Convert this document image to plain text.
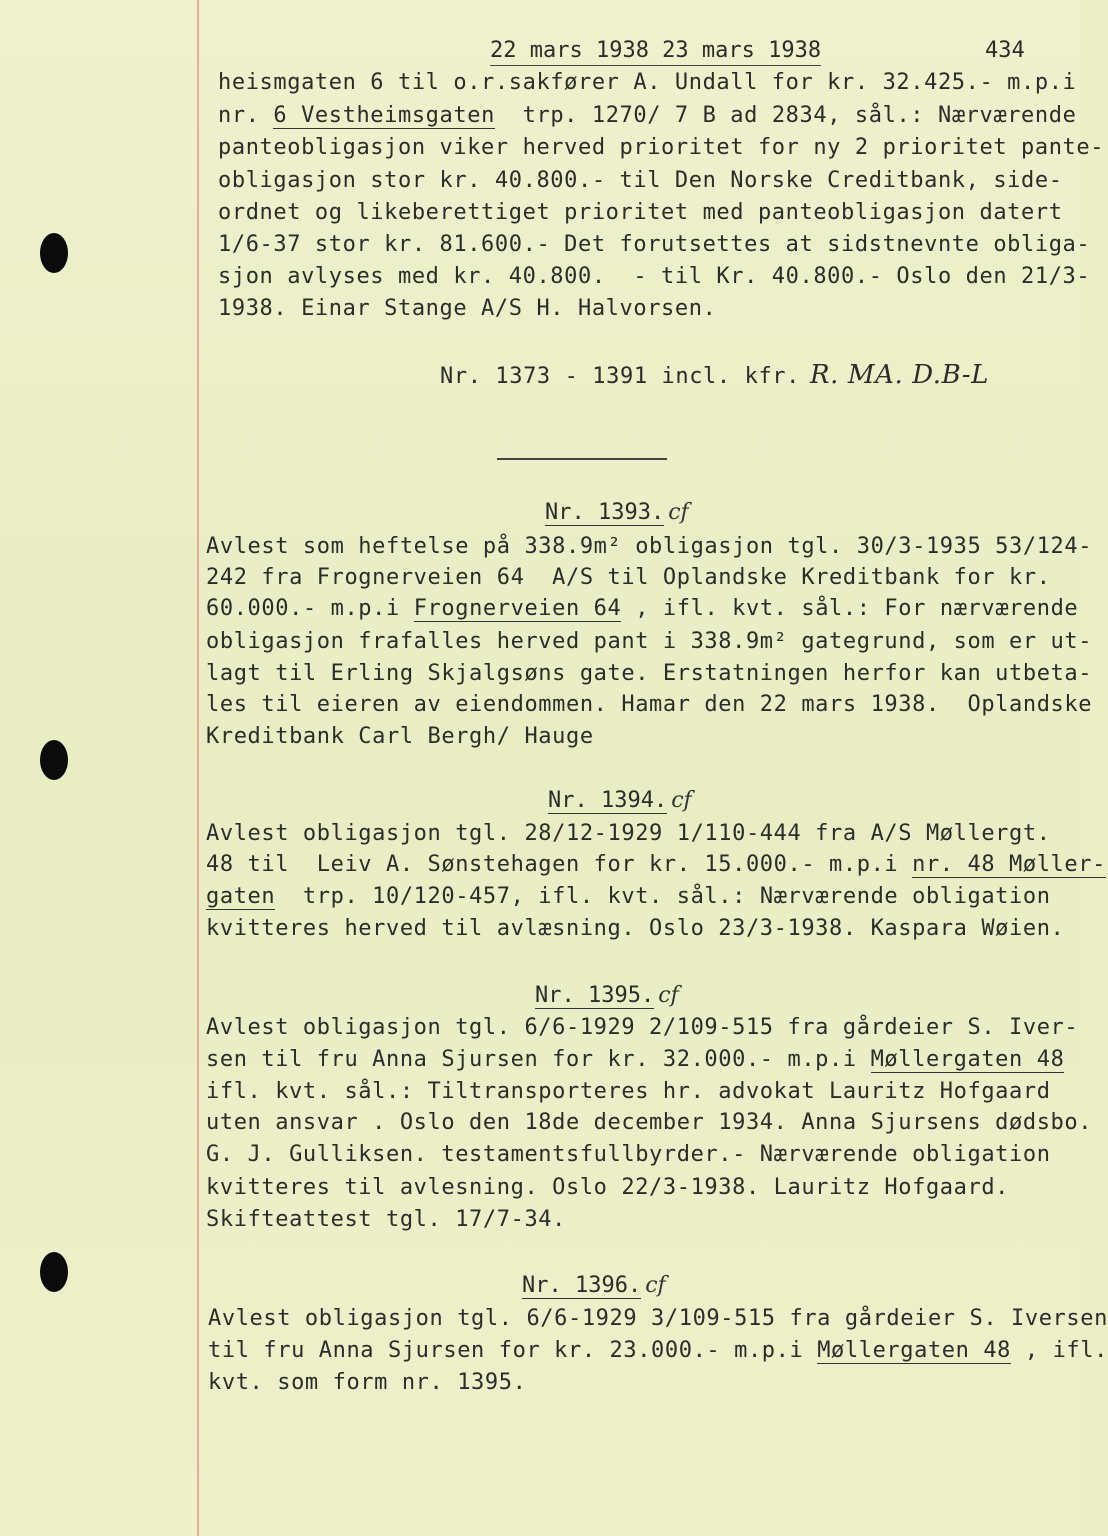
22 mars 1938 23 mars 1938	434
heismgaten 6 til o.r.sakfører A. Undall for kr. 32.425.- m.p.i
nr. 6 Vestheimsgaten trp. 1270/ 7 B ad 2834, sål.: Nærværende
panteobligasjon viker herved prioritet for ny 2 prioritet pante-
obligasjon stor kr. 40.800.- til Den Norske Creditbank, side-
ordnet og likeberettiget prioritet med panteobligasjon datert
1/6-37 stor kr. 81.600.- Det forutsettes at sidstnevnte obliga-
sjon avlyses med kr. 40.800.  - til Kr. 40.800.- Oslo den 21/3-
1938. Einar Stange A/S H. Halvorsen.
Nr. 1373 - 1391 incl. kfr. R. MA. D.B-L
Nr. 1393. cf
Avlest som heftelse på 338.9m² obligasjon tgl. 30/3-1935 53/124-
242 fra Frognerveien 64  A/S til Oplandske Kreditbank for kr.
60.000.- m.p.i Frognerveien 64 , ifl. kvt. sål.: For nærværende
obligasjon frafalles herved pant i 338.9m² gategrund, som er ut-
lagt til Erling Skjalgsøns gate. Erstatningen herfor kan utbeta-
les til eieren av eiendommen. Hamar den 22 mars 1938.  Oplandske
Kreditbank Carl Bergh/ Hauge
Nr. 1394. cf
Avlest obligasjon tgl. 28/12-1929 1/110-444 fra A/S Møllergt.
48 til  Leiv A. Sønstehagen for kr. 15.000.- m.p.i nr. 48 Møller-
gaten  trp. 10/120-457, ifl. kvt. sål.: Nærværende obligation
kvitteres herved til avlæsning. Oslo 23/3-1938. Kaspara Wøien.
Nr. 1395. cf
Avlest obligasjon tgl. 6/6-1929 2/109-515 fra gårdeier S. Iver-
sen til fru Anna Sjursen for kr. 32.000.- m.p.i Møllergaten 48
ifl. kvt. sål.: Tiltransporteres hr. advokat Lauritz Hofgaard
uten ansvar . Oslo den 18de december 1934. Anna Sjursens dødsbo.
G. J. Gulliksen. testamentsfullbyrder.- Nærværende obligation
kvitteres til avlesning. Oslo 22/3-1938. Lauritz Hofgaard.
Skifteattest tgl. 17/7-34.
Nr. 1396. cf
Avlest obligasjon tgl. 6/6-1929 3/109-515 fra gårdeier S. Iversen
til fru Anna Sjursen for kr. 23.000.- m.p.i Møllergaten 48 , ifl.
kvt. som form nr. 1395.
